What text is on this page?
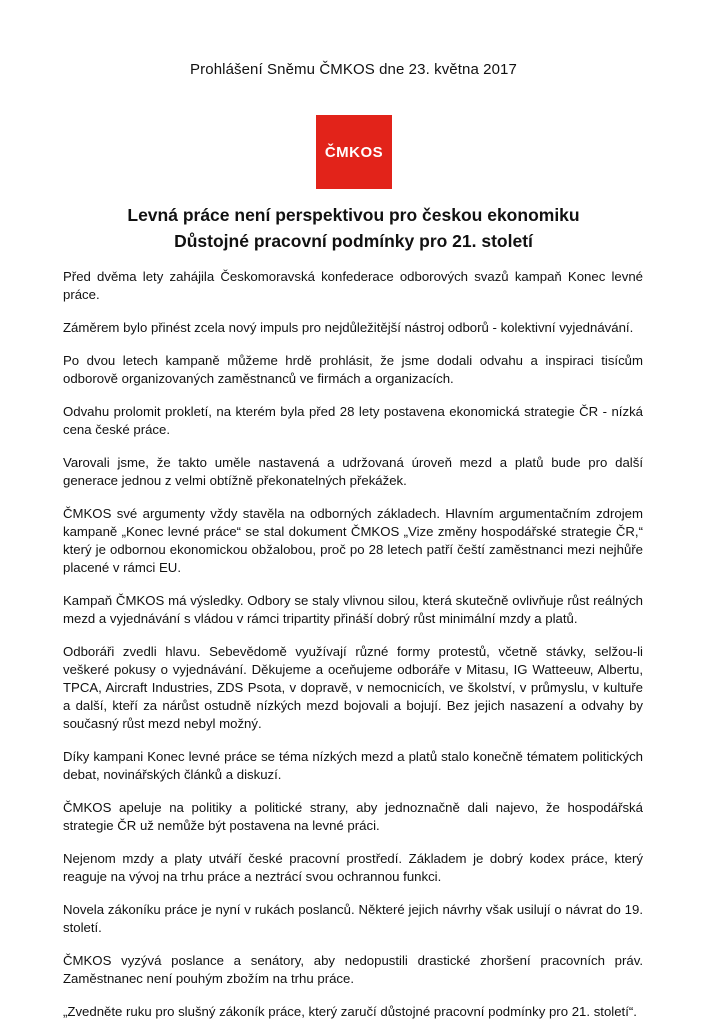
Prohlášení Sněmu ČMKOS dne 23. května 2017
ČMKOS
Levná práce není perspektivou pro českou ekonomiku
Důstojné pracovní podmínky pro 21. století

Před dvěma lety zahájila Českomoravská konfederace odborových svazů kampaň Konec levné práce.

Záměrem bylo přinést zcela nový impuls pro nejdůležitější nástroj odborů - kolektivní vyjednávání.

Po dvou letech kampaně můžeme hrdě prohlásit, že jsme dodali odvahu a inspiraci tisícům odborově organizovaných zaměstnanců ve firmách a organizacích.

Odvahu prolomit prokletí, na kterém byla před 28 lety postavena ekonomická strategie ČR - nízká cena české práce.

Varovali jsme, že takto uměle nastavená a udržovaná úroveň mezd a platů bude pro další generace jednou z velmi obtížně překonatelných překážek.

ČMKOS své argumenty vždy stavěla na odborných základech. Hlavním argumentačním zdrojem kampaně „Konec levné práce“ se stal dokument ČMKOS „Vize změny hospodářské strategie ČR,“ který je odbornou ekonomickou obžalobou, proč po 28 letech patří čeští zaměstnanci mezi nejhůře placené v rámci EU.

Kampaň ČMKOS má výsledky. Odbory se staly vlivnou silou, která skutečně ovlivňuje růst reálných mezd a vyjednávání s vládou v rámci tripartity přináší dobrý růst minimální mzdy a platů.

Odboráři zvedli hlavu. Sebevědomě využívají různé formy protestů, včetně stávky, selžou-li veškeré pokusy o vyjednávání. Děkujeme a oceňujeme odboráře v Mitasu, IG Watteeuw, Albertu, TPCA, Aircraft Industries, ZDS Psota, v dopravě, v nemocnicích, ve školství, v průmyslu, v kultuře a další, kteří za nárůst ostudně nízkých mezd bojovali a bojují. Bez jejich nasazení a odvahy by současný růst mezd nebyl možný.

Díky kampani Konec levné práce se téma nízkých mezd a platů stalo konečně tématem politických debat, novinářských článků a diskuzí.

ČMKOS apeluje na politiky a politické strany, aby jednoznačně dali najevo, že hospodářská strategie ČR už nemůže být postavena na levné práci.

Nejenom mzdy a platy utváří české pracovní prostředí. Základem je dobrý kodex práce, který reaguje na vývoj na trhu práce a neztrácí svou ochrannou funkci.

Novela zákoníku práce je nyní v rukách poslanců. Některé jejich návrhy však usilují o návrat do 19. století.

ČMKOS vyzývá poslance a senátory, aby nedopustili drastické zhoršení pracovních práv. Zaměstnanec není pouhým zbožím na trhu práce.

„Zvedněte ruku pro slušný zákoník práce, který zaručí důstojné pracovní podmínky pro 21. století“.
